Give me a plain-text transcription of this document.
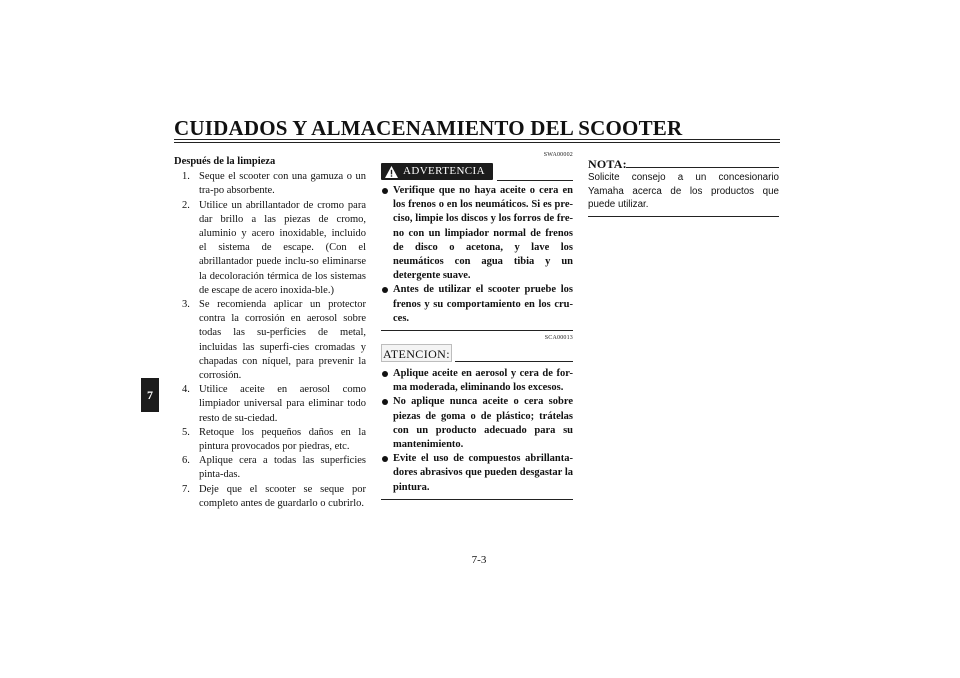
CUIDADOS Y ALMACENAMIENTO DEL SCOOTER
7
Después de la limpieza
1. Seque el scooter con una gamuza o un tra-po absorbente.
2. Utilice un abrillantador de cromo para dar brillo a las piezas de cromo, aluminio y acero inoxidable, incluido el sistema de escape. (Con el abrillantador puede inclu-so eliminarse la decoloración térmica de los sistemas de escape de acero inoxida-ble.)
3. Se recomienda aplicar un protector contra la corrosión en aerosol sobre todas las su-perficies de metal, incluidas las superfi-cies cromadas y chapadas con níquel, para prevenir la corrosión.
4. Utilice aceite en aerosol como limpiador universal para eliminar todo resto de su-ciedad.
5. Retoque los pequeños daños en la pintura provocados por piedras, etc.
6. Aplique cera a todas las superficies pinta-das.
7. Deje que el scooter se seque por completo antes de guardarlo o cubrirlo.
SWA00002
ADVERTENCIA
Verifique que no haya aceite o cera en los frenos o en los neumáticos. Si es pre-ciso, limpie los discos y los forros de fre-no con un limpiador normal de frenos de disco o acetona, y lave los neumáticos con agua tibia y un detergente suave.
Antes de utilizar el scooter pruebe los frenos y su comportamiento en los cru-ces.
SCA00013
ATENCION:
Aplique aceite en aerosol y cera de for-ma moderada, eliminando los excesos.
No aplique nunca aceite o cera sobre piezas de goma o de plástico; trátelas con un producto adecuado para su mantenimiento.
Evite el uso de compuestos abrillanta-dores abrasivos que pueden desgastar la pintura.
NOTA:
Solicite consejo a un concesionario Yamaha acerca de los productos que puede utilizar.
7-3
